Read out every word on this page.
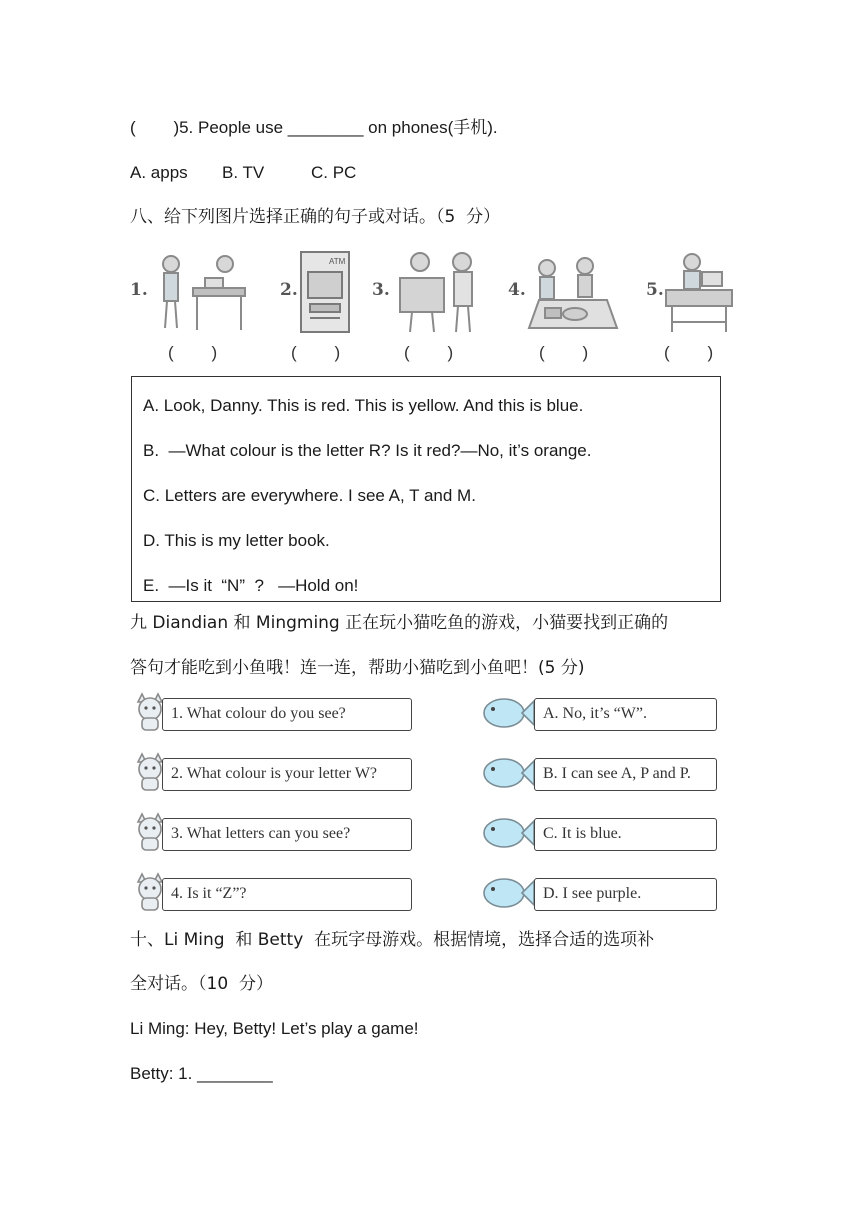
(        )5. People use ________ on phones(手机).
A. apps B. TV	C. PC
八、给下列图片选择正确的句子或对话。（5  分）
1.	2.
ATM
3.	4.	5.
(        )	(        )	(        )	(        )	(        )
A. Look, Danny. This is red. This is yellow. And this is blue.
B.  —What colour is the letter R? Is it red?—No, it’s orange.
C. Letters are everywhere. I see A, T and M.
D. This is my letter book.
E.  —Is it  “N”  ?   —Hold on!
九 Diandian 和 Mingming 正在玩小猫吃鱼的游戏，小猫要找到正确的
答句才能吃到小鱼哦！连一连，帮助小猫吃到小鱼吧！(5 分)
1. What colour do you see?
2. What colour is your letter W?
3. What letters can you see?
4. Is it “Z”?
A. No, it’s “W”.
B. I can see A, P and P.
C. It is blue.
D. I see purple.
十、Li Ming  和 Betty  在玩字母游戏。根据情境，选择合适的选项补
全对话。（10  分）
Li Ming: Hey, Betty! Let’s play a game!
Betty: 1. ________
